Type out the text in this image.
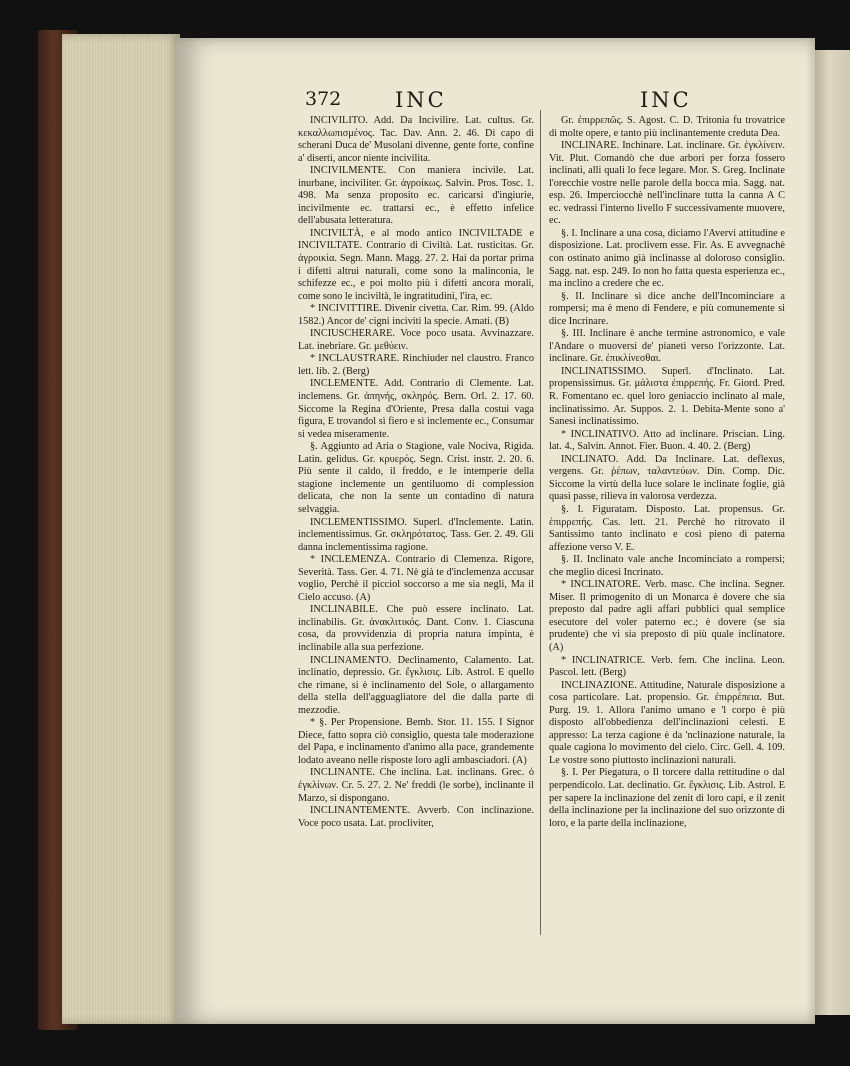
372	INC	INC

INCIVILITO. Add. Da Incivilire. Lat. cultus. Gr. κεκαλλωπισμένος. Tac. Dav. Ann. 2. 46. Di capo di scherani Duca de' Musolani divenne, gente forte, confine a' diserti, ancor niente incivilita.

INCIVILMENTE. Con maniera incivile. Lat. inurbane, inciviliter. Gr. ἀγροίκως. Salvin. Pros. Tosc. 1. 498. Ma senza proposito ec. caricarsi d'ingiurie, incivilmente ec. trattarsi ec., è effetto infelice dell'abusata letteratura.

INCIVILTÀ, e al modo antico INCIVILTADE e INCIVILTATE. Contrario di Civiltà. Lat. rusticitas. Gr. ἀγροικία. Segn. Mann. Magg. 27. 2. Hai da portar prima i difetti altrui naturali, come sono la malinconia, le schifezze ec., e poi molto più i difetti ancora morali, come sono le inciviltà, le ingratitudini, l'ira, ec.

* INCIVITTIRE. Divenir civetta. Car. Rim. 99. (Aldo 1582.) Ancor de' cigni inciviti la specie. Amati. (B)

INCIUSCHERARE. Voce poco usata. Avvinazzare. Lat. inebriare. Gr. μεθύειν.

* INCLAUSTRARE. Rinchiuder nel claustro. Franco lett. lib. 2. (Berg)

INCLEMENTE. Add. Contrario di Clemente. Lat. inclemens. Gr. ἀπηνής, σκληρός. Bern. Orl. 2. 17. 60. Siccome la Regina d'Oriente, Presa dalla costui vaga figura, E trovandol sì fiero e sì inclemente ec., Consumar si vedea miseramente.

§. Aggiunto ad Aria o Stagione, vale Nociva, Rigida. Latin. gelidus. Gr. κρυερός. Segn. Crist. instr. 2. 20. 6. Più sente il caldo, il freddo, e le intemperie della stagione inclemente un gentiluomo di complession delicata, che non la sente un contadino di natura selvaggia.

INCLEMENTISSIMO. Superl. d'Inclemente. Latin. inclementissimus. Gr. σκληρότατος. Tass. Ger. 2. 49. Gli danna inclementissima ragione.

* INCLEMENZA. Contrario di Clemenza. Rigore, Severità. Tass. Ger. 4. 71. Nè già te d'inclemenza accusar voglio, Perchè il picciol soccorso a me sia negli, Ma il Cielo accuso. (A)

INCLINABILE. Che può essere inclinato. Lat. inclinabilis. Gr. ἀνακλιτικός. Dant. Conv. 1. Ciascuna cosa, da provvidenzia di propria natura impinta, è inclinabile alla sua perfezione.

INCLINAMENTO. Declinamento, Calamento. Lat. inclinatio, depressio. Gr. ἔγκλισις. Lib. Astrol. E quello che rimane, si è inclinamento del Sole, o allargamento della stella dell'agguagliatore del dìe dalla parte di mezzodie.

* §. Per Propensione. Bemb. Stor. 11. 155. I Signor Diece, fatto sopra ciò consiglio, questa tale moderazione del Papa, e inclinamento d'animo alla pace, grandemente lodato aveano nelle risposte loro agli ambasciadori. (A)

INCLINANTE. Che inclina. Lat. inclinans. Grec. ὁ ἐγκλίνων. Cr. 5. 27. 2. Ne' freddi (le sorbe), inclinante il Marzo, si dispongano.

INCLINANTEMENTE. Avverb. Con inclinazione. Voce poco usata. Lat. procliviter,

Gr. ἐπιρρεπῶς. S. Agost. C. D. Tritonia fu trovatrice di molte opere, e tanto più inclinantemente creduta Dea.

INCLINARE. Inchinare. Lat. inclinare. Gr. ἐγκλίνειν. Vit. Plut. Comandò che due arbori per forza fossero inclinati, alli quali lo fece legare. Mor. S. Greg. Inclinate l'orecchie vostre nelle parole della bocca mia. Sagg. nat. esp. 26. Imperciocchè nell'inclinare tutta la canna A C ec. vedrassi l'interno livello F successivamente muovere, ec.

§. I. Inclinare a una cosa, diciamo l'Avervi attitudine e disposizione. Lat. proclivem esse. Fir. As. E avvegnachè con ostinato animo già inclinasse al doloroso consiglio. Sagg. nat. esp. 249. Io non ho fatta questa esperienza ec., ma inclino a credere che ec.

§. II. Inclinare si dice anche dell'Incominciare a rompersi; ma è meno di Fendere, e più comunemente si dice Incrinare.

§. III. Inclinare è anche termine astronomico, e vale l'Andare o muoversi de' pianeti verso l'orizzonte. Lat. inclinare. Gr. ἐπικλίνεσθαι.

INCLINATISSIMO. Superl. d'Inclinato. Lat. propensissimus. Gr. μάλιστα ἐπιρρεπής. Fr. Giord. Pred. R. Fomentano ec. quel loro geniaccio inclinato al male, inclinatissimo. Ar. Suppos. 2. 1. Debita-Mente sono a' Sanesi inclinatissimo.

* INCLINATIVO. Atto ad inclinare. Priscian. Ling. lat. 4., Salvin. Annot. Fier. Buon. 4. 40. 2. (Berg)

INCLINATO. Add. Da Inclinare. Lat. deflexus, vergens. Gr. ῥέπων, ταλαντεύων. Din. Comp. Dic. Siccome la virtù della luce solare le inclinate foglie, già quasi passe, rilieva in valorosa verdezza.

§. I. Figuratam. Disposto. Lat. propensus. Gr. ἐπιρρεπής. Cas. lett. 21. Perchè ho ritrovato il Santissimo tanto inclinato e così pieno di paterna affezione verso V. E.

§. II. Inclinato vale anche Incominciato a rompersi; che meglio dicesi Incrinato.

* INCLINATORE. Verb. masc. Che inclina. Segner. Miser. Il primogenito di un Monarca è dovere che sia preposto dal padre agli affari pubblici qual semplice esecutore del voler paterno ec.; è dovere (se sia prudente) che vi sia preposto di più quale inclinatore. (A)

* INCLINATRICE. Verb. fem. Che inclina. Leon. Pascol. lett. (Berg)

INCLINAZIONE. Attitudine, Naturale disposizione a cosa particolare. Lat. propensio. Gr. ἐπιρρέπεια. But. Purg. 19. 1. Allora l'animo umano e 'l corpo è più disposto all'obbedienza dell'inclinazioni celesti. E appresso: La terza cagione è da 'nclinazione naturale, la quale cagiona lo movimento del cielo. Circ. Gell. 4. 109. Le vostre sono piuttosto inclinazioni naturali.

§. I. Per Piegatura, o Il torcere dalla rettitudine o dal perpendicolo. Lat. declinatio. Gr. ἔγκλισις. Lib. Astrol. E per sapere la inclinazione del zenit di loro capi, e il zenit della inclinazione per la inclinazione del suo orizzonte di loro, e la parte della inclinazione,
